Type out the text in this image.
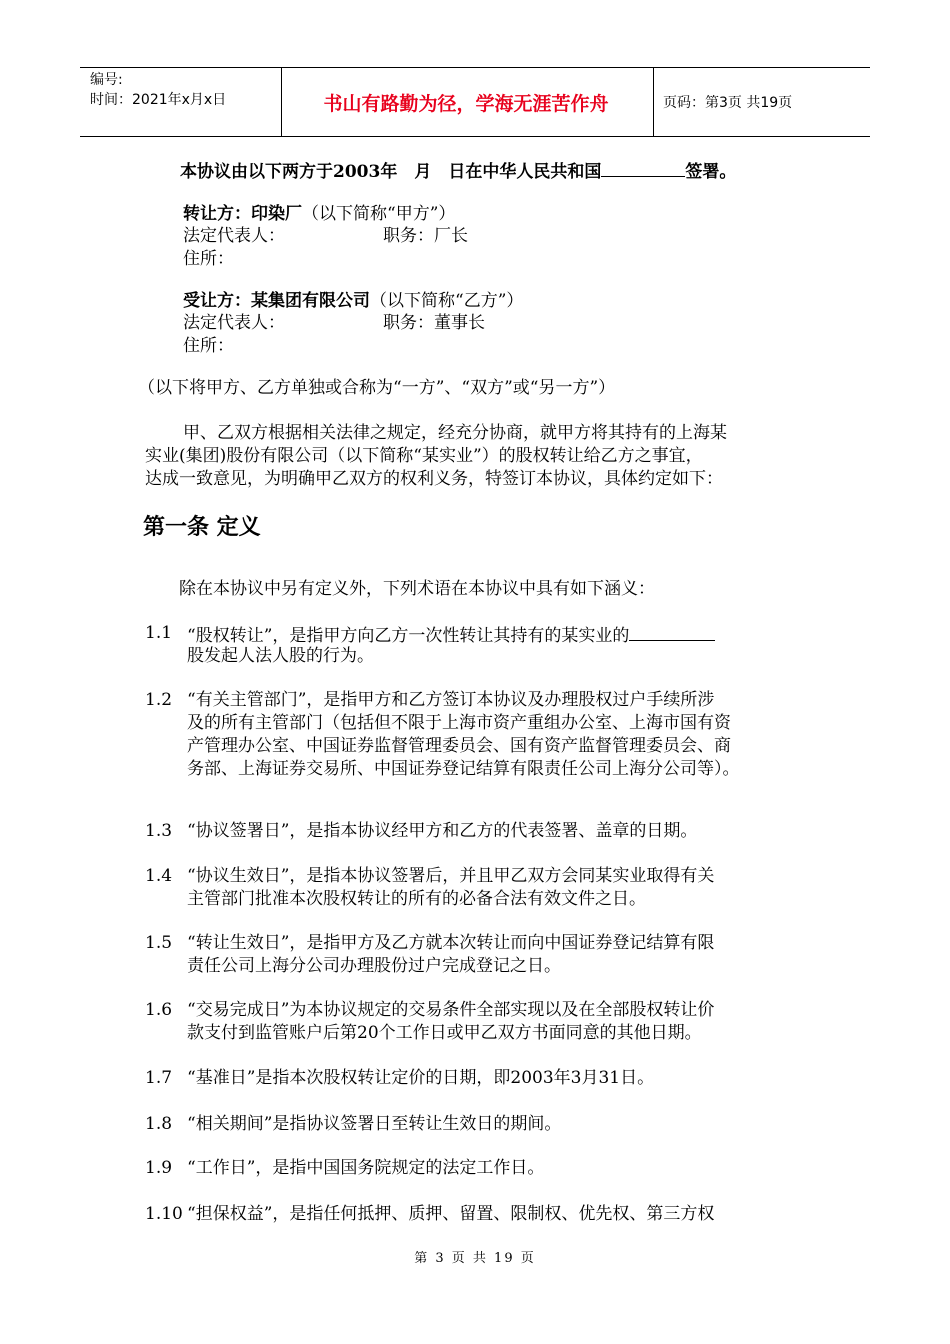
编号:
时间：2021年x月x日	书山有路勤为径，学海无涯苦作舟	页码：第3页 共19页
本协议由以下两方于2003年　月　日在中华人民共和国	签署。
转让方：印染厂（以下简称“甲方”）
法定代表人：	职务：厂长
住所：
受让方：某集团有限公司（以下简称“乙方”）
法定代表人：	职务：董事长
住所：
（以下将甲方、乙方单独或合称为“一方”、“双方”或“另一方”）
甲、乙双方根据相关法律之规定，经充分协商，就甲方将其持有的上海某
实业(集团)股份有限公司（以下简称“某实业”）的股权转让给乙方之事宜，
达成一致意见，为明确甲乙双方的权利义务，特签订本协议，具体约定如下：
第一条 定义
除在本协议中另有定义外，下列术语在本协议中具有如下涵义：
1.1 “股权转让”，是指甲方向乙方一次性转让其持有的某实业的
股发起人法人股的行为。
1.2 “有关主管部门”，是指甲方和乙方签订本协议及办理股权过户手续所涉
及的所有主管部门（包括但不限于上海市资产重组办公室、上海市国有资
产管理办公室、中国证券监督管理委员会、国有资产监督管理委员会、商
务部、上海证券交易所、中国证券登记结算有限责任公司上海分公司等）。
1.3 “协议签署日”，是指本协议经甲方和乙方的代表签署、盖章的日期。
1.4 “协议生效日”，是指本协议签署后，并且甲乙双方会同某实业取得有关
主管部门批准本次股权转让的所有的必备合法有效文件之日。
1.5 “转让生效日”，是指甲方及乙方就本次转让而向中国证券登记结算有限
责任公司上海分公司办理股份过户完成登记之日。
1.6 “交易完成日”为本协议规定的交易条件全部实现以及在全部股权转让价
款支付到监管账户后第20个工作日或甲乙双方书面同意的其他日期。
1.7 “基准日”是指本次股权转让定价的日期，即2003年3月31日。
1.8 “相关期间”是指协议签署日至转让生效日的期间。
1.9 “工作日”，是指中国国务院规定的法定工作日。
1.10 “担保权益”，是指任何抵押、质押、留置、限制权、优先权、第三方权
第 3 页 共 19 页
